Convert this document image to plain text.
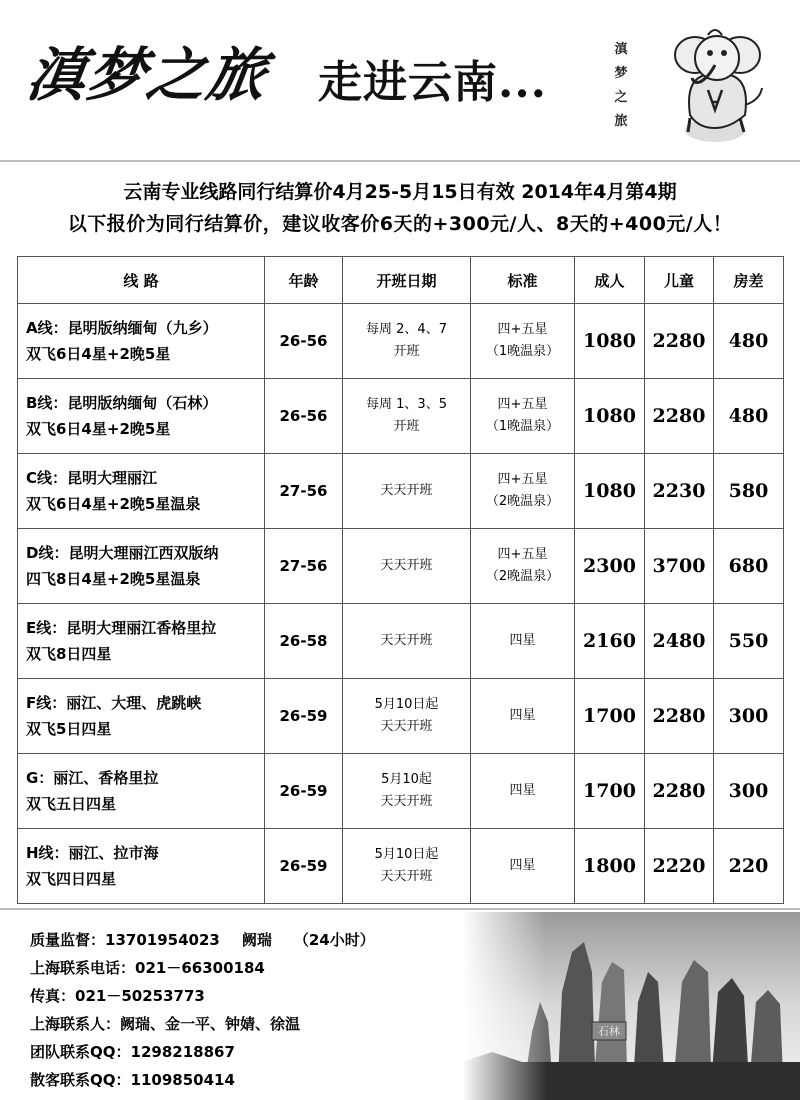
滇梦之旅 走进云南...
滇
梦
之
旅
云南专业线路同行结算价4月25-5月15日有效 2014年4月第4期
以下报价为同行结算价，建议收客价6天的+300元/人、8天的+400元/人！
线 路	年龄	开班日期	标准	成人	儿童	房差

A线：昆明版纳缅甸（九乡）
双飞6日4星+2晚5星	26-56	每周 2、4、7
开班	四+五星
（1晚温泉）	1080	2280	480

B线：昆明版纳缅甸（石林）
双飞6日4星+2晚5星	26-56	每周 1、3、5
开班	四+五星
（1晚温泉）	1080	2280	480

C线：昆明大理丽江
双飞6日4星+2晚5星温泉	27-56	天天开班	四+五星
（2晚温泉）	1080	2230	580

D线：昆明大理丽江西双版纳
四飞8日4星+2晚5星温泉	27-56	天天开班	四+五星
（2晚温泉）	2300	3700	680

E线：昆明大理丽江香格里拉
双飞8日四星	26-58	天天开班	四星	2160	2480	550

F线：丽江、大理、虎跳峡
双飞5日四星	26-59	5月10日起
天天开班	四星	1700	2280	300

G：丽江、香格里拉
双飞五日四星	26-59	5月10起
天天开班	四星	1700	2280	300

H线：丽江、拉市海
双飞四日四星	26-59	5月10日起
天天开班	四星	1800	2220	220
质量监督：13701954023 阙瑞 （24小时）
上海联系电话：021－66300184
传真：021－50253773
上海联系人：阙瑞、金一平、钟婧、徐温
团队联系QQ：1298218867
散客联系QQ：1109850414
